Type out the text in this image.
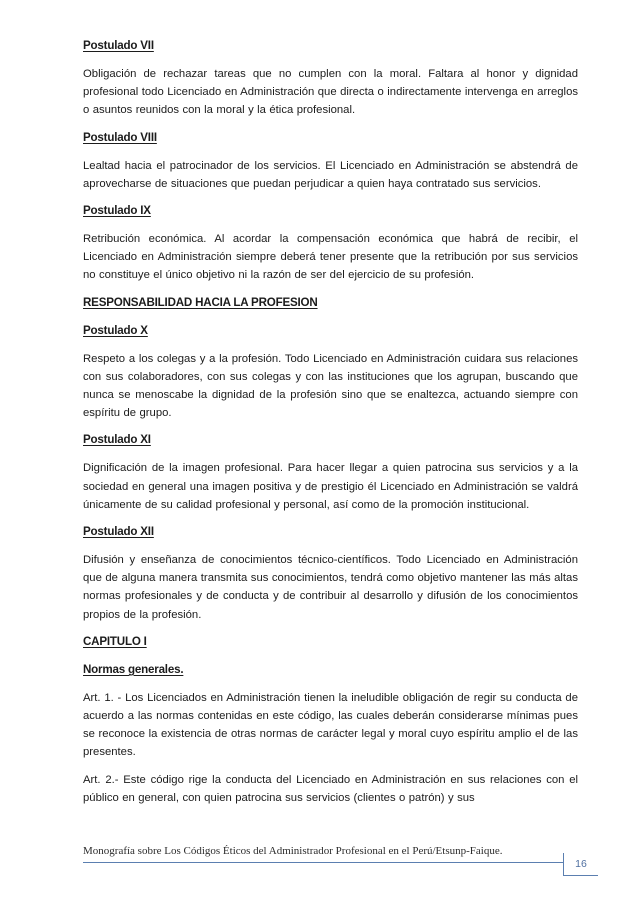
Postulado VII

Obligación de rechazar tareas que no cumplen con la moral. Faltara al honor y dignidad profesional todo Licenciado en Administración que directa o indirectamente intervenga en arreglos o asuntos reunidos con la moral y la ética profesional.

Postulado VIII

Lealtad hacia el patrocinador de los servicios. El Licenciado en Administración se abstendrá de aprovecharse de situaciones que puedan perjudicar a quien haya contratado sus servicios.

Postulado IX

Retribución económica. Al acordar la compensación económica que habrá de recibir, el Licenciado en Administración siempre deberá tener presente que la retribución por sus servicios no constituye el único objetivo ni la razón de ser del ejercicio de su profesión.

RESPONSABILIDAD HACIA LA PROFESION
Postulado X

Respeto a los colegas y a la profesión. Todo Licenciado en Administración cuidara sus relaciones con sus colaboradores, con sus colegas y con las instituciones que los agrupan, buscando que nunca se menoscabe la dignidad de la profesión sino que se enaltezca, actuando siempre con espíritu de grupo.

Postulado XI

Dignificación de la imagen profesional. Para hacer llegar a quien patrocina sus servicios y a la sociedad en general una imagen positiva y de prestigio él Licenciado en Administración se valdrá únicamente de su calidad profesional y personal, así como de la promoción institucional.

Postulado XII

Difusión y enseñanza de conocimientos técnico-científicos. Todo Licenciado en Administración que de alguna manera transmita sus conocimientos, tendrá como objetivo mantener las más altas normas profesionales y de conducta y de contribuir al desarrollo y difusión de los conocimientos propios de la profesión.

CAPITULO I
Normas generales.

Art. 1. - Los Licenciados en Administración tienen la ineludible obligación de regir su conducta de acuerdo a las normas contenidas en este código, las cuales deberán considerarse mínimas pues se reconoce la existencia de otras normas de carácter legal y moral cuyo espíritu amplio el de las presentes.

Art. 2.- Este código rige la conducta del Licenciado en Administración en sus relaciones con el público en general, con quien patrocina sus servicios (clientes o patrón) y sus

Monografía sobre Los Códigos Éticos del Administrador Profesional en el Perú/Etsunp-Faique.
16
